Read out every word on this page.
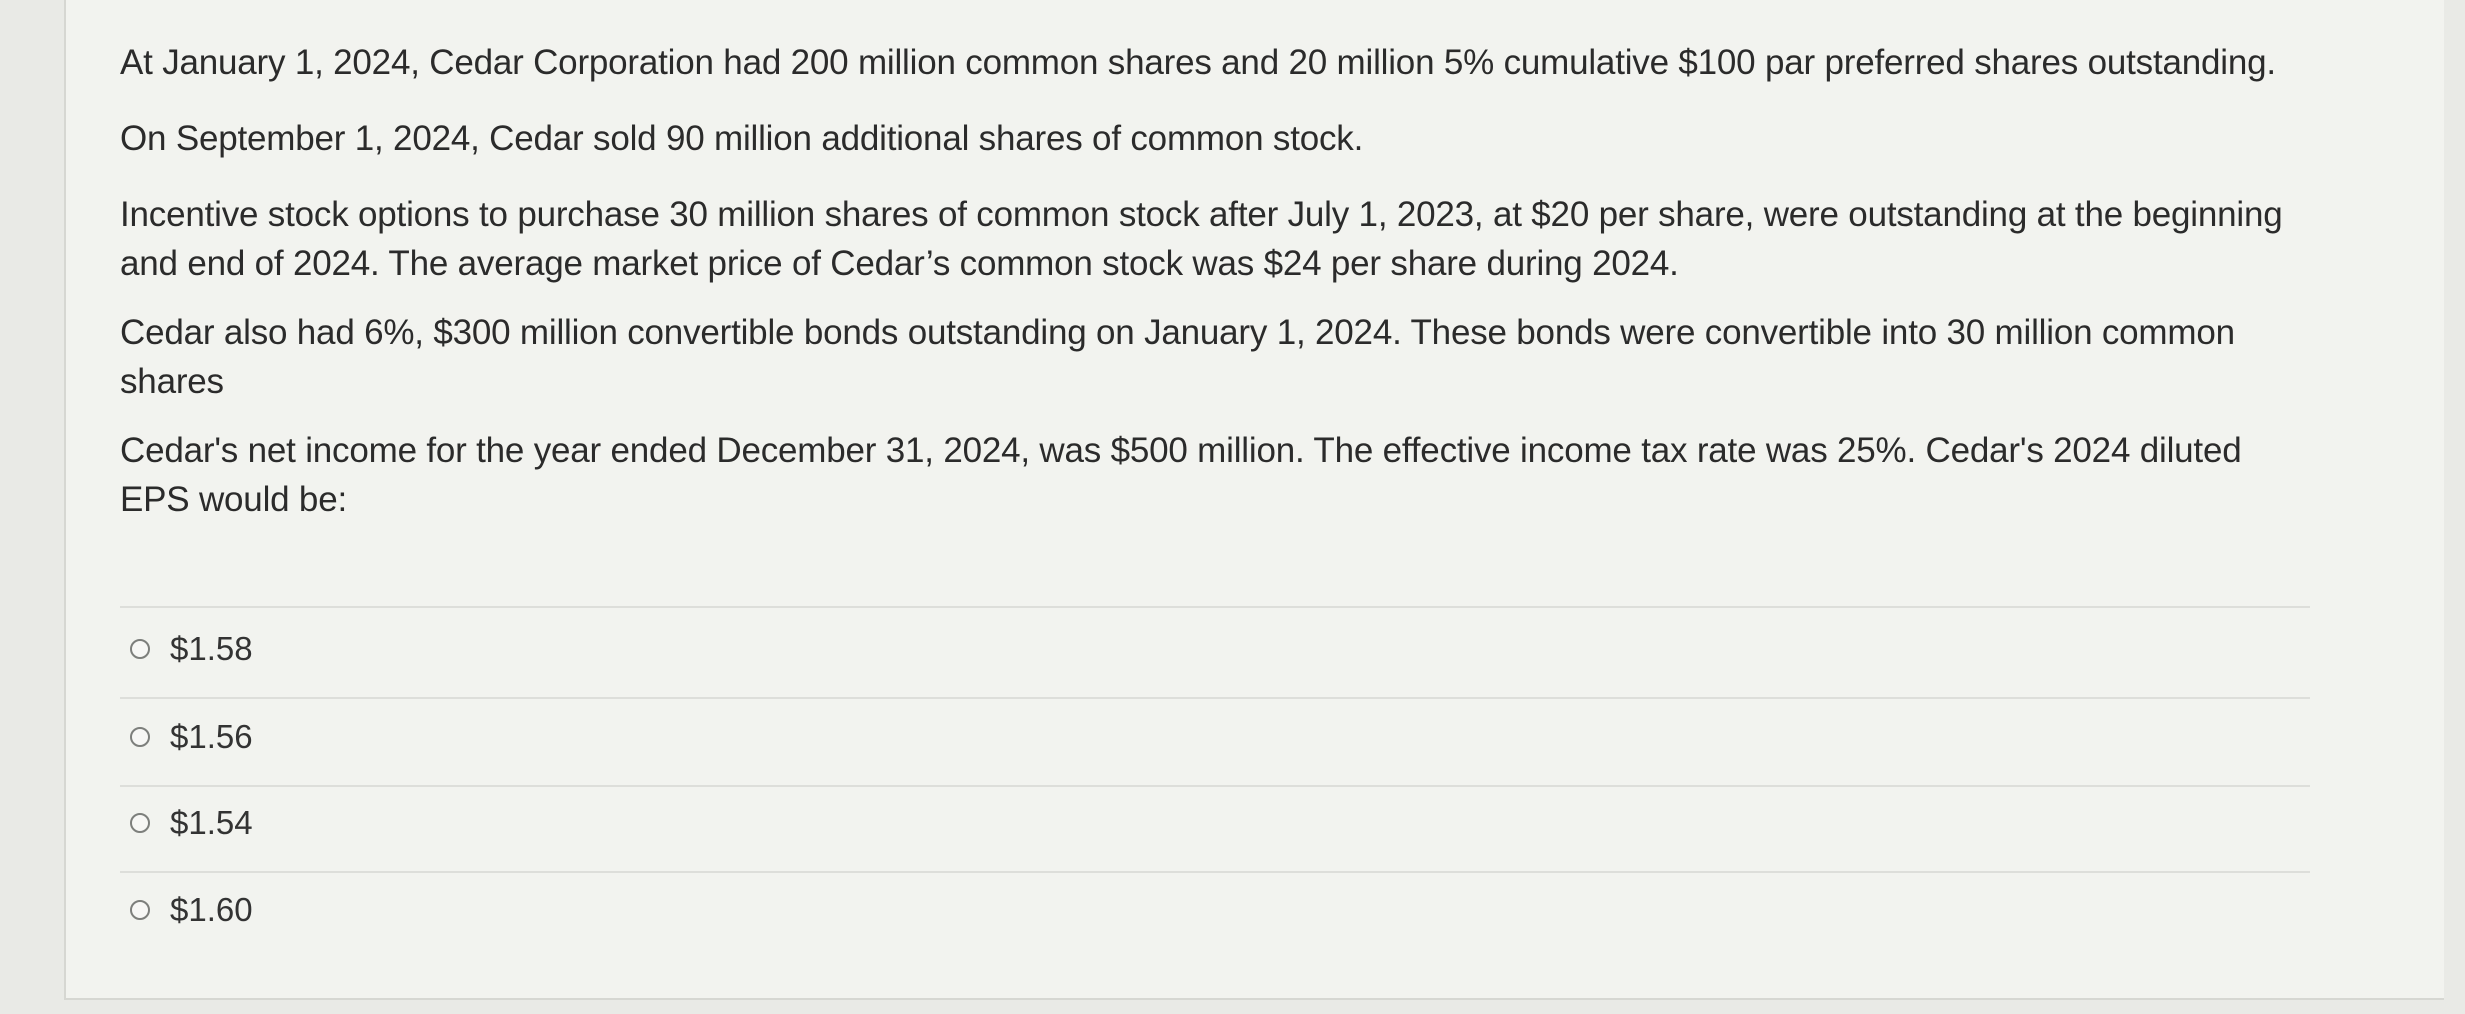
At January 1, 2024, Cedar Corporation had 200 million common shares and 20 million 5% cumulative $100 par preferred shares outstanding.

On September 1, 2024, Cedar sold 90 million additional shares of common stock.

Incentive stock options to purchase 30 million shares of common stock after July 1, 2023, at $20 per share, were outstanding at the beginning and end of 2024. The average market price of Cedar’s common stock was $24 per share during 2024.

Cedar also had 6%, $300 million convertible bonds outstanding on January 1, 2024. These bonds were convertible into 30 million common shares

Cedar's net income for the year ended December 31, 2024, was $500 million. The effective income tax rate was 25%. Cedar's 2024 diluted EPS would be:

$1.58
$1.56
$1.54
$1.60
